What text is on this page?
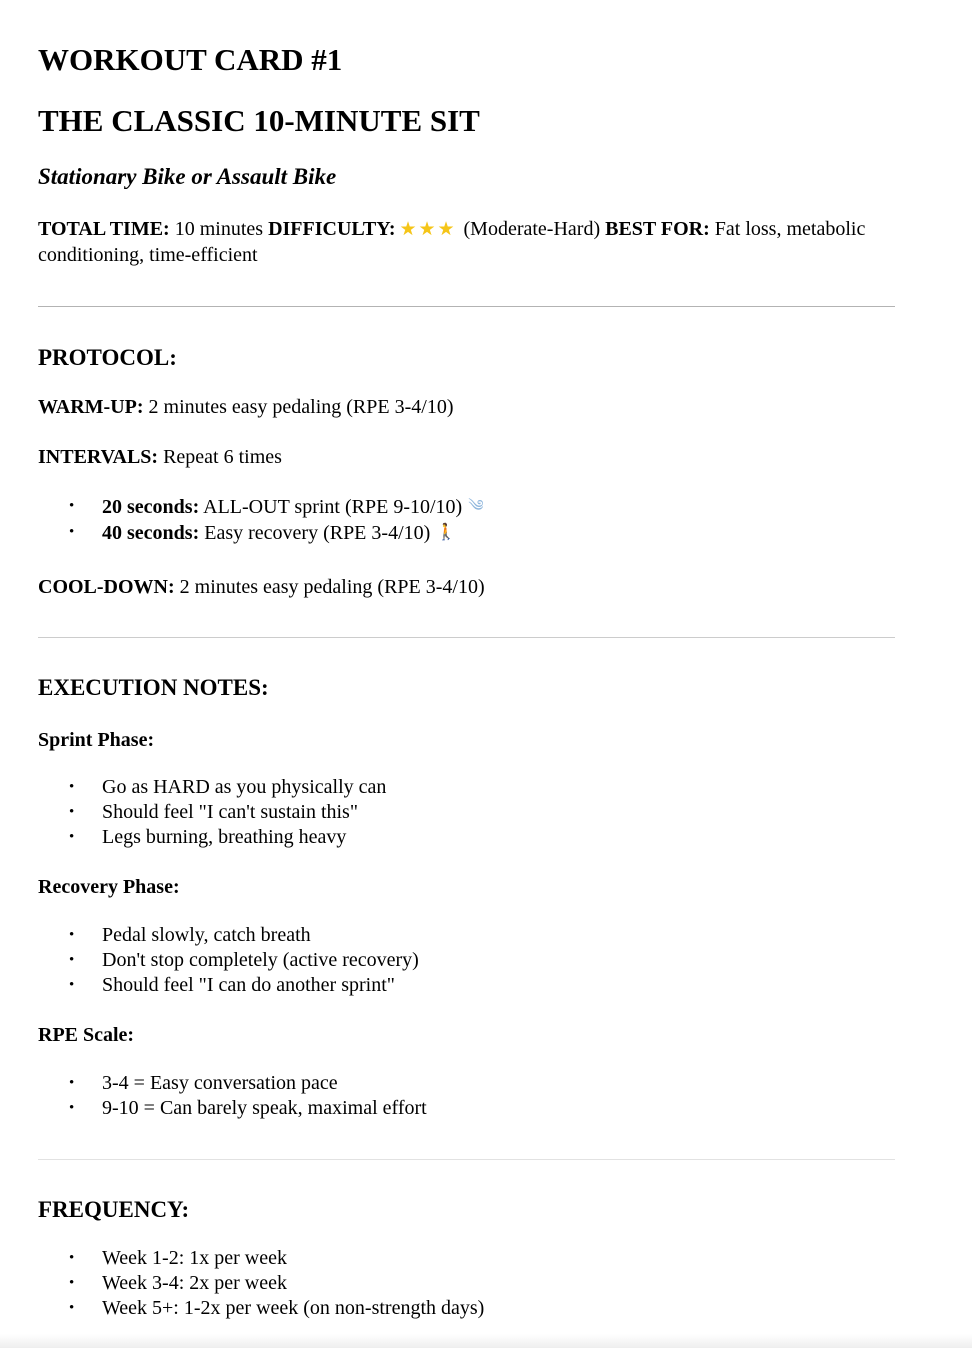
WORKOUT CARD #1
THE CLASSIC 10-MINUTE SIT
Stationary Bike or Assault Bike
TOTAL TIME: 10 minutes DIFFICULTY: ★ ★ ★ (Moderate-Hard) BEST FOR: Fat loss, metabolic conditioning, time-efficient
PROTOCOL:
WARM-UP: 2 minutes easy pedaling (RPE 3-4/10)
INTERVALS: Repeat 6 times
• 20 seconds: ALL-OUT sprint (RPE 9-10/10) ༄
• 40 seconds: Easy recovery (RPE 3-4/10) 🚶
COOL-DOWN: 2 minutes easy pedaling (RPE 3-4/10)
EXECUTION NOTES:
Sprint Phase:
• Go as HARD as you physically can
• Should feel "I can't sustain this"
• Legs burning, breathing heavy
Recovery Phase:
• Pedal slowly, catch breath
• Don't stop completely (active recovery)
• Should feel "I can do another sprint"
RPE Scale:
• 3-4 = Easy conversation pace
• 9-10 = Can barely speak, maximal effort
FREQUENCY:
• Week 1-2: 1x per week
• Week 3-4: 2x per week
• Week 5+: 1-2x per week (on non-strength days)
